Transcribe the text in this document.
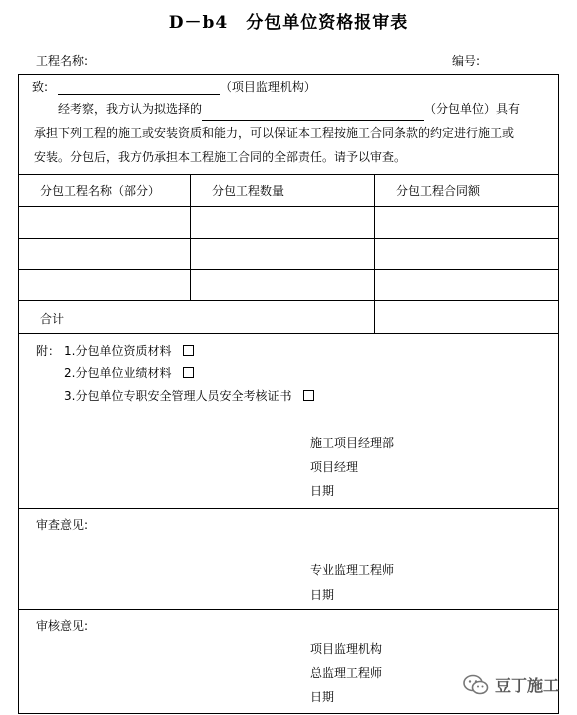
D－b4　分包单位资格报审表
工程名称:	编号:
致:	（项目监理机构）

经考察，我方认为拟选择的	（分包单位）具有

承担下列工程的施工或安装资质和能力，可以保证本工程按施工合同条款的约定进行施工或

安装。分包后，我方仍承担本工程施工合同的全部责任。请予以审查。

分包工程名称（部分）	分包工程数量	分包工程合同额
合计
附： 1.分包单位资质材料
2.分包单位业绩材料
3.分包单位专职安全管理人员安全考核证书
施工项目经理部
项目经理
日期
审查意见:
专业监理工程师
日期
审核意见:
项目监理机构
总监理工程师
日期
豆丁施工
